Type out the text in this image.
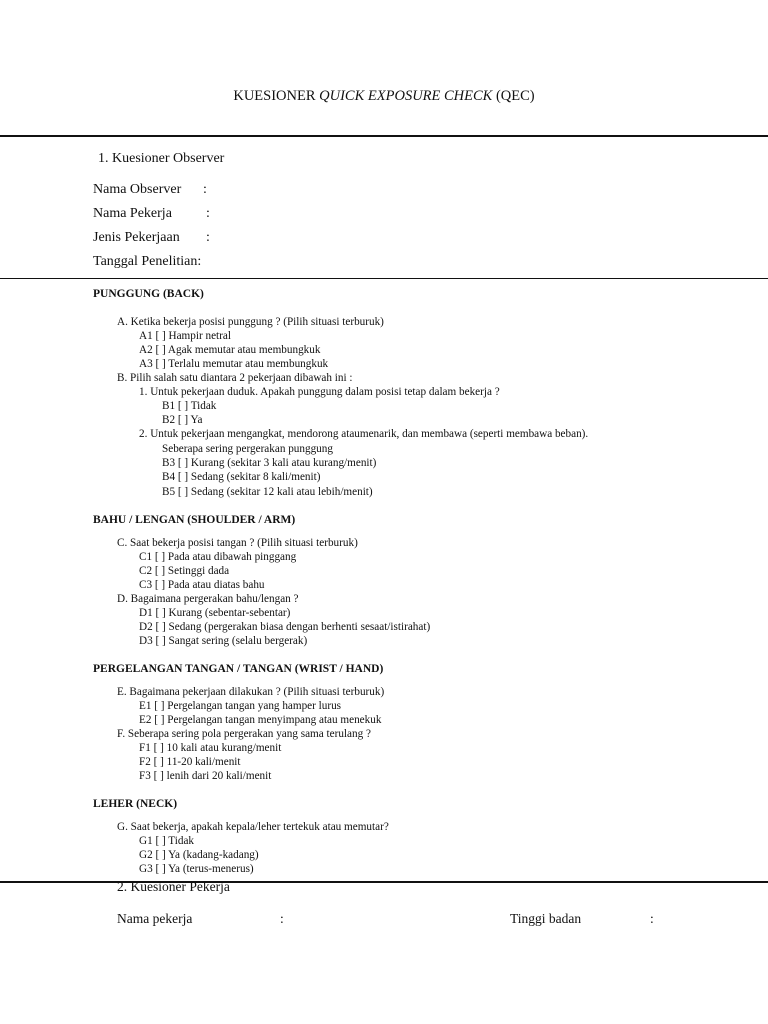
KUESIONER QUICK EXPOSURE CHECK (QEC)
1. Kuesioner Observer
Nama Observer :
Nama Pekerja :
Jenis Pekerjaan :
Tanggal Penelitian:
PUNGGUNG (BACK)
A. Ketika bekerja posisi punggung ? (Pilih situasi terburuk)
A1 [ ] Hampir netral
A2 [ ] Agak memutar atau membungkuk
A3 [ ] Terlalu memutar atau membungkuk
B. Pilih salah satu diantara 2 pekerjaan dibawah ini :
1. Untuk pekerjaan duduk. Apakah punggung dalam posisi tetap dalam bekerja ?
B1 [ ] Tidak
B2 [ ] Ya
2. Untuk pekerjaan mengangkat, mendorong ataumenarik, dan membawa (seperti membawa beban).
Seberapa sering pergerakan punggung
B3 [ ] Kurang (sekitar 3 kali atau kurang/menit)
B4 [ ] Sedang (sekitar 8 kali/menit)
B5 [ ] Sedang (sekitar 12 kali atau lebih/menit)
BAHU / LENGAN (SHOULDER / ARM)
C. Saat bekerja posisi tangan ? (Pilih situasi terburuk)
C1 [ ] Pada atau dibawah pinggang
C2 [ ] Setinggi dada
C3 [ ] Pada atau diatas bahu
D. Bagaimana pergerakan bahu/lengan ?
D1 [ ] Kurang (sebentar-sebentar)
D2 [ ] Sedang (pergerakan biasa dengan berhenti sesaat/istirahat)
D3 [ ] Sangat sering (selalu bergerak)
PERGELANGAN TANGAN / TANGAN (WRIST / HAND)
E. Bagaimana pekerjaan dilakukan ? (Pilih situasi terburuk)
E1 [ ] Pergelangan tangan yang hamper lurus
E2 [ ] Pergelangan tangan menyimpang atau menekuk
F. Seberapa sering pola pergerakan yang sama terulang ?
F1 [ ] 10 kali atau kurang/menit
F2 [ ] 11-20 kali/menit
F3 [ ] lenih dari 20 kali/menit
LEHER (NECK)
G. Saat bekerja, apakah kepala/leher tertekuk atau memutar?
G1 [ ] Tidak
G2 [ ] Ya (kadang-kadang)
G3 [ ] Ya (terus-menerus)
2. Kuesioner Pekerja
Nama pekerja	:	Tinggi badan	:
